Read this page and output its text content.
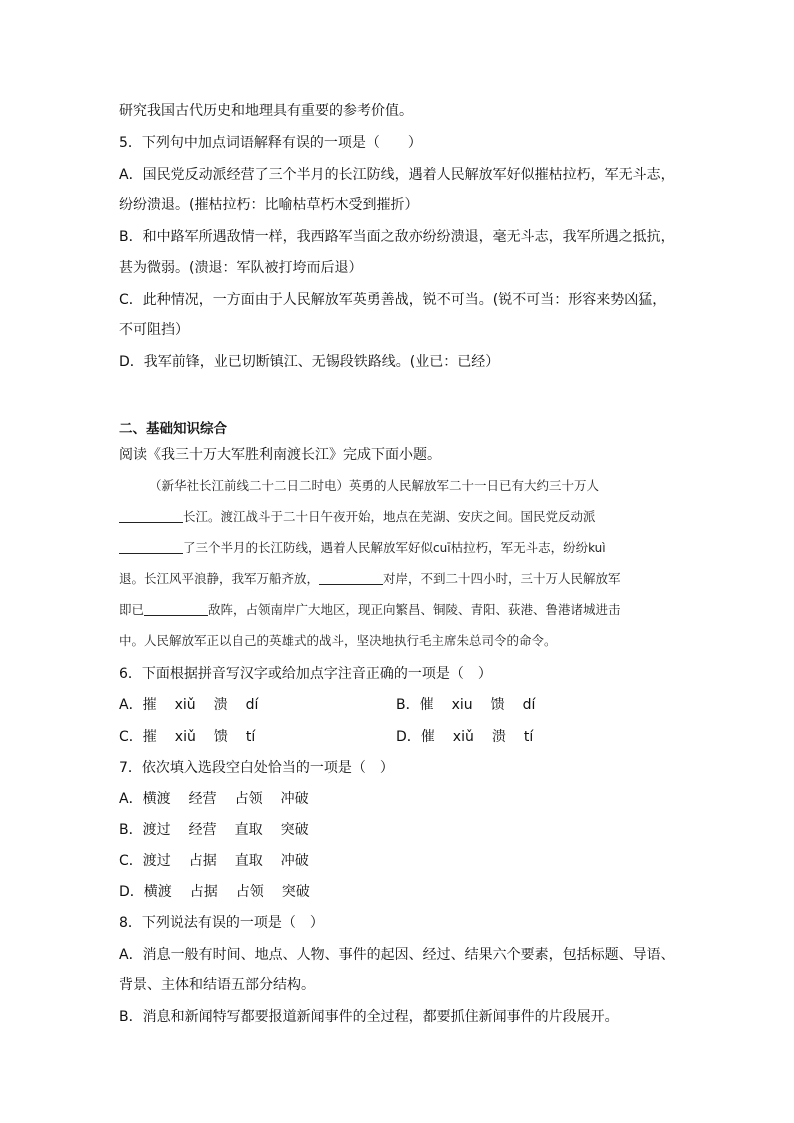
研究我国古代历史和地理具有重要的参考价值。
5．下列句中加点词语解释有误的一项是（　　）
A．国民党反动派经营了三个半月的长江防线，遇着人民解放军好似摧枯拉朽，军无斗志，
纷纷溃退。(摧枯拉朽：比喻枯草朽木受到摧折）
B．和中路军所遇敌情一样，我西路军当面之敌亦纷纷溃退，毫无斗志，我军所遇之抵抗，
甚为微弱。(溃退：军队被打垮而后退）
C．此种情况，一方面由于人民解放军英勇善战，锐不可当。(锐不可当：形容来势凶猛，
不可阻挡）
D．我军前锋，业已切断镇江、无锡段铁路线。(业已：已经）
二、基础知识综合
阅读《我三十万大军胜利南渡长江》完成下面小题。
（新华社长江前线二十二日二时电）英勇的人民解放军二十一日已有大约三十万人
长江。渡江战斗于二十日午夜开始，地点在芜湖、安庆之间。国民党反动派
了三个半月的长江防线，遇着人民解放军好似cuī枯拉朽，军无斗志，纷纷kuì
退。长江风平浪静，我军万船齐放，	对岸，不到二十四小时，三十万人民解放军
即已	敌阵，占领南岸广大地区，现正向繁昌、铜陵、青阳、荻港、鲁港诸城进击
中。人民解放军正以自己的英雄式的战斗，坚决地执行毛主席朱总司令的命令。
6．下面根据拼音写汉字或给加点字注音正确的一项是（　）
A．摧 xiǔ 溃 dí	B．催 xiu 馈 dí
C．摧 xiǔ 馈 tí	D．催 xiǔ 溃 tí
7．依次填入选段空白处恰当的一项是（　）
A．横渡 经营 占领 冲破
B．渡过 经营 直取 突破
C．渡过 占据 直取 冲破
D．横渡 占据 占领 突破
8．下列说法有误的一项是（　）
A．消息一般有时间、地点、人物、事件的起因、经过、结果六个要素，包括标题、导语、
背景、主体和结语五部分结构。
B．消息和新闻特写都要报道新闻事件的全过程，都要抓住新闻事件的片段展开。
